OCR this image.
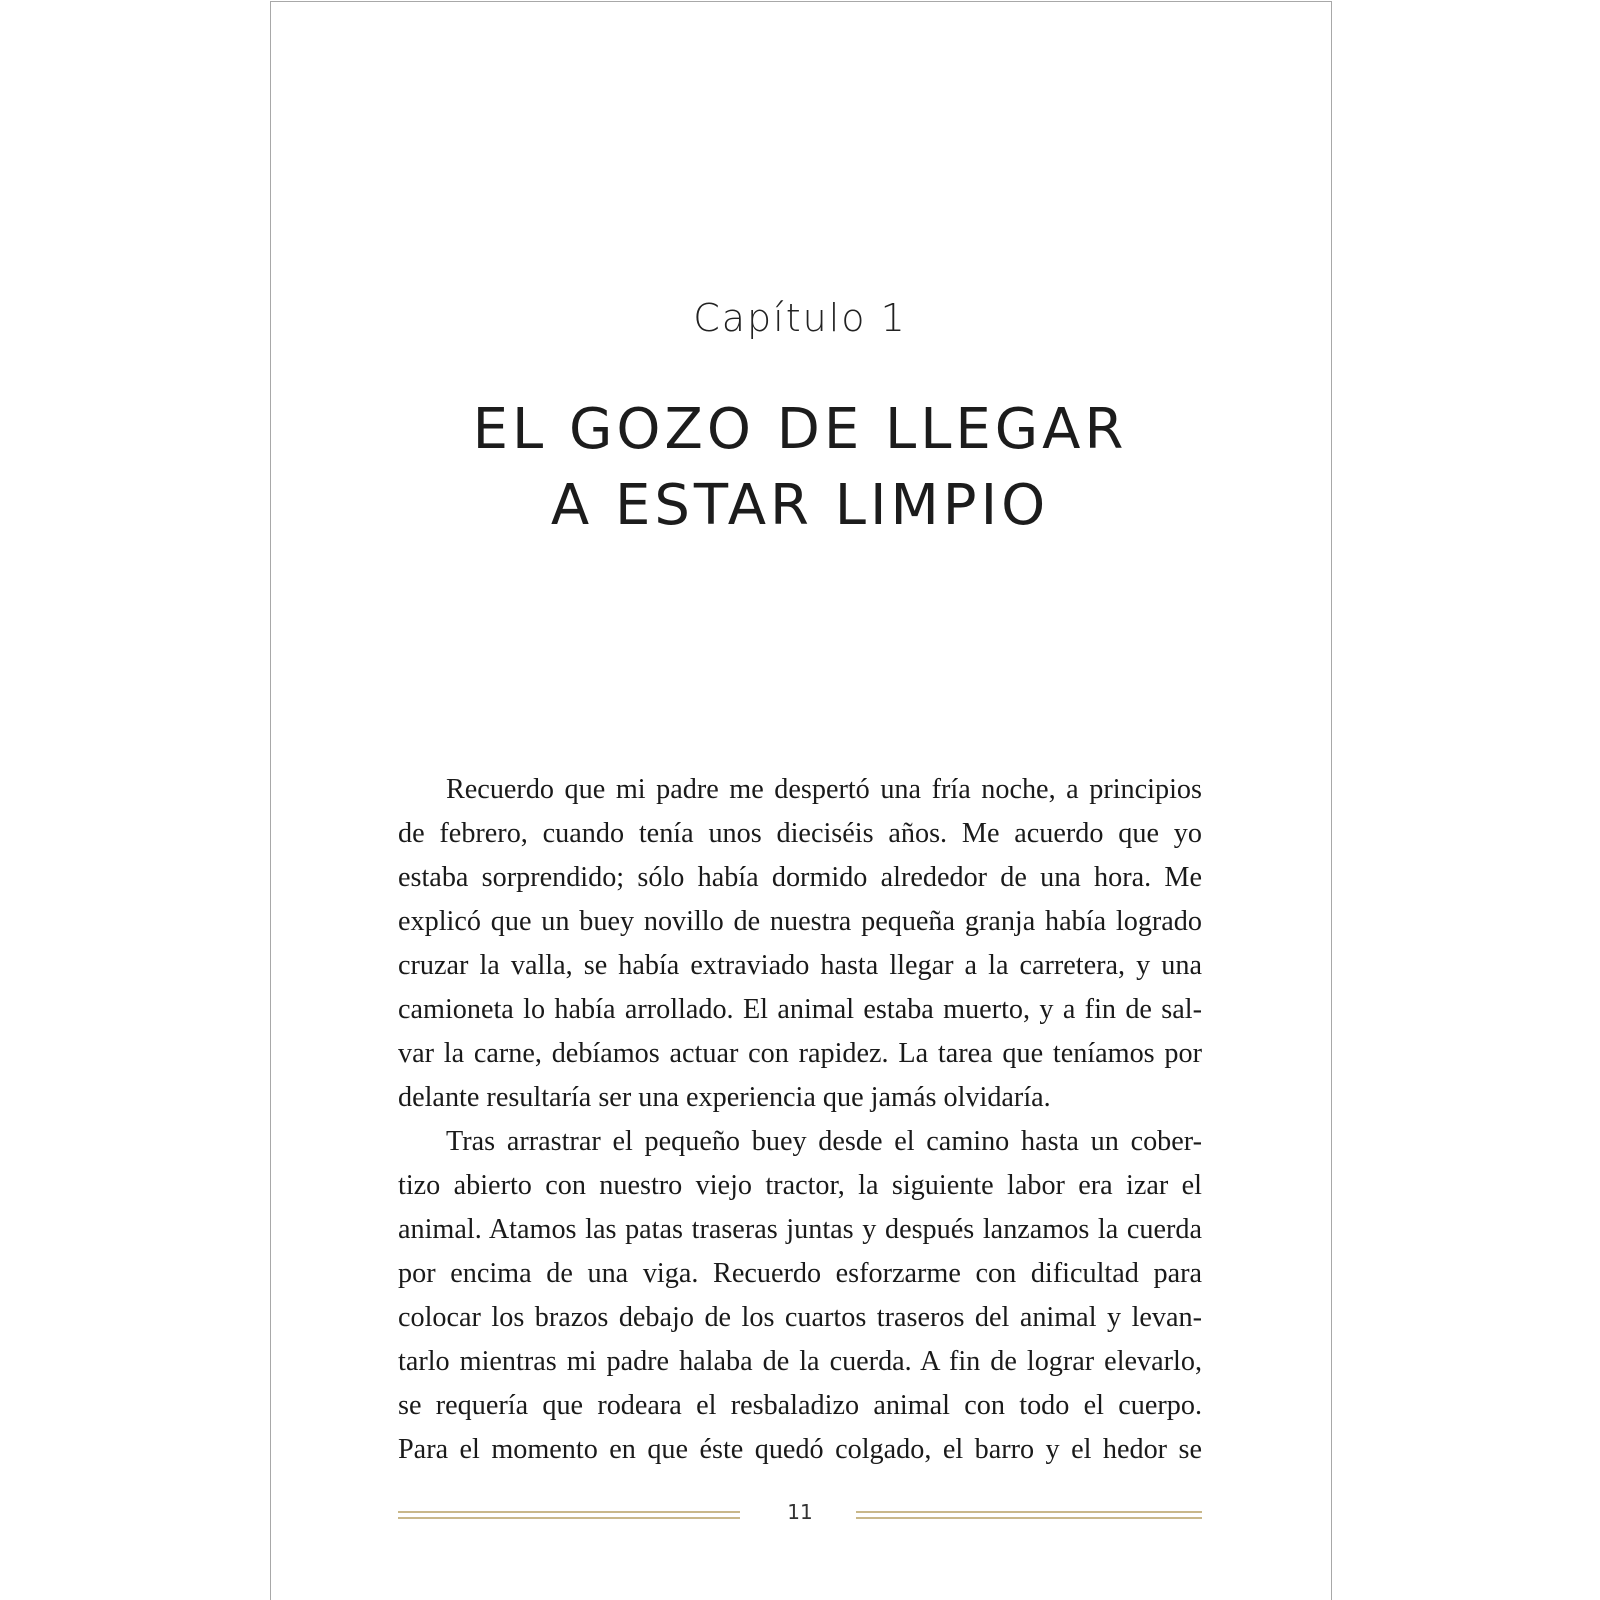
Capítulo 1
EL GOZO DE LLEGAR
A ESTAR LIMPIO

Recuerdo que mi padre me despertó una fría noche, a principios
de febrero, cuando tenía unos dieciséis años. Me acuerdo que yo
estaba sorprendido; sólo había dormido alrededor de una hora. Me
explicó que un buey novillo de nuestra pequeña granja había logrado
cruzar la valla, se había extraviado hasta llegar a la carretera, y una
camioneta lo había arrollado. El animal estaba muerto, y a fin de sal-
var la carne, debíamos actuar con rapidez. La tarea que teníamos por
delante resultaría ser una experiencia que jamás olvidaría.

Tras arrastrar el pequeño buey desde el camino hasta un cober-
tizo abierto con nuestro viejo tractor, la siguiente labor era izar el
animal. Atamos las patas traseras juntas y después lanzamos la cuerda
por encima de una viga. Recuerdo esforzarme con dificultad para
colocar los brazos debajo de los cuartos traseros del animal y levan-
tarlo mientras mi padre halaba de la cuerda. A fin de lograr elevarlo,
se requería que rodeara el resbaladizo animal con todo el cuerpo.
Para el momento en que éste quedó colgado, el barro y el hedor se

11
